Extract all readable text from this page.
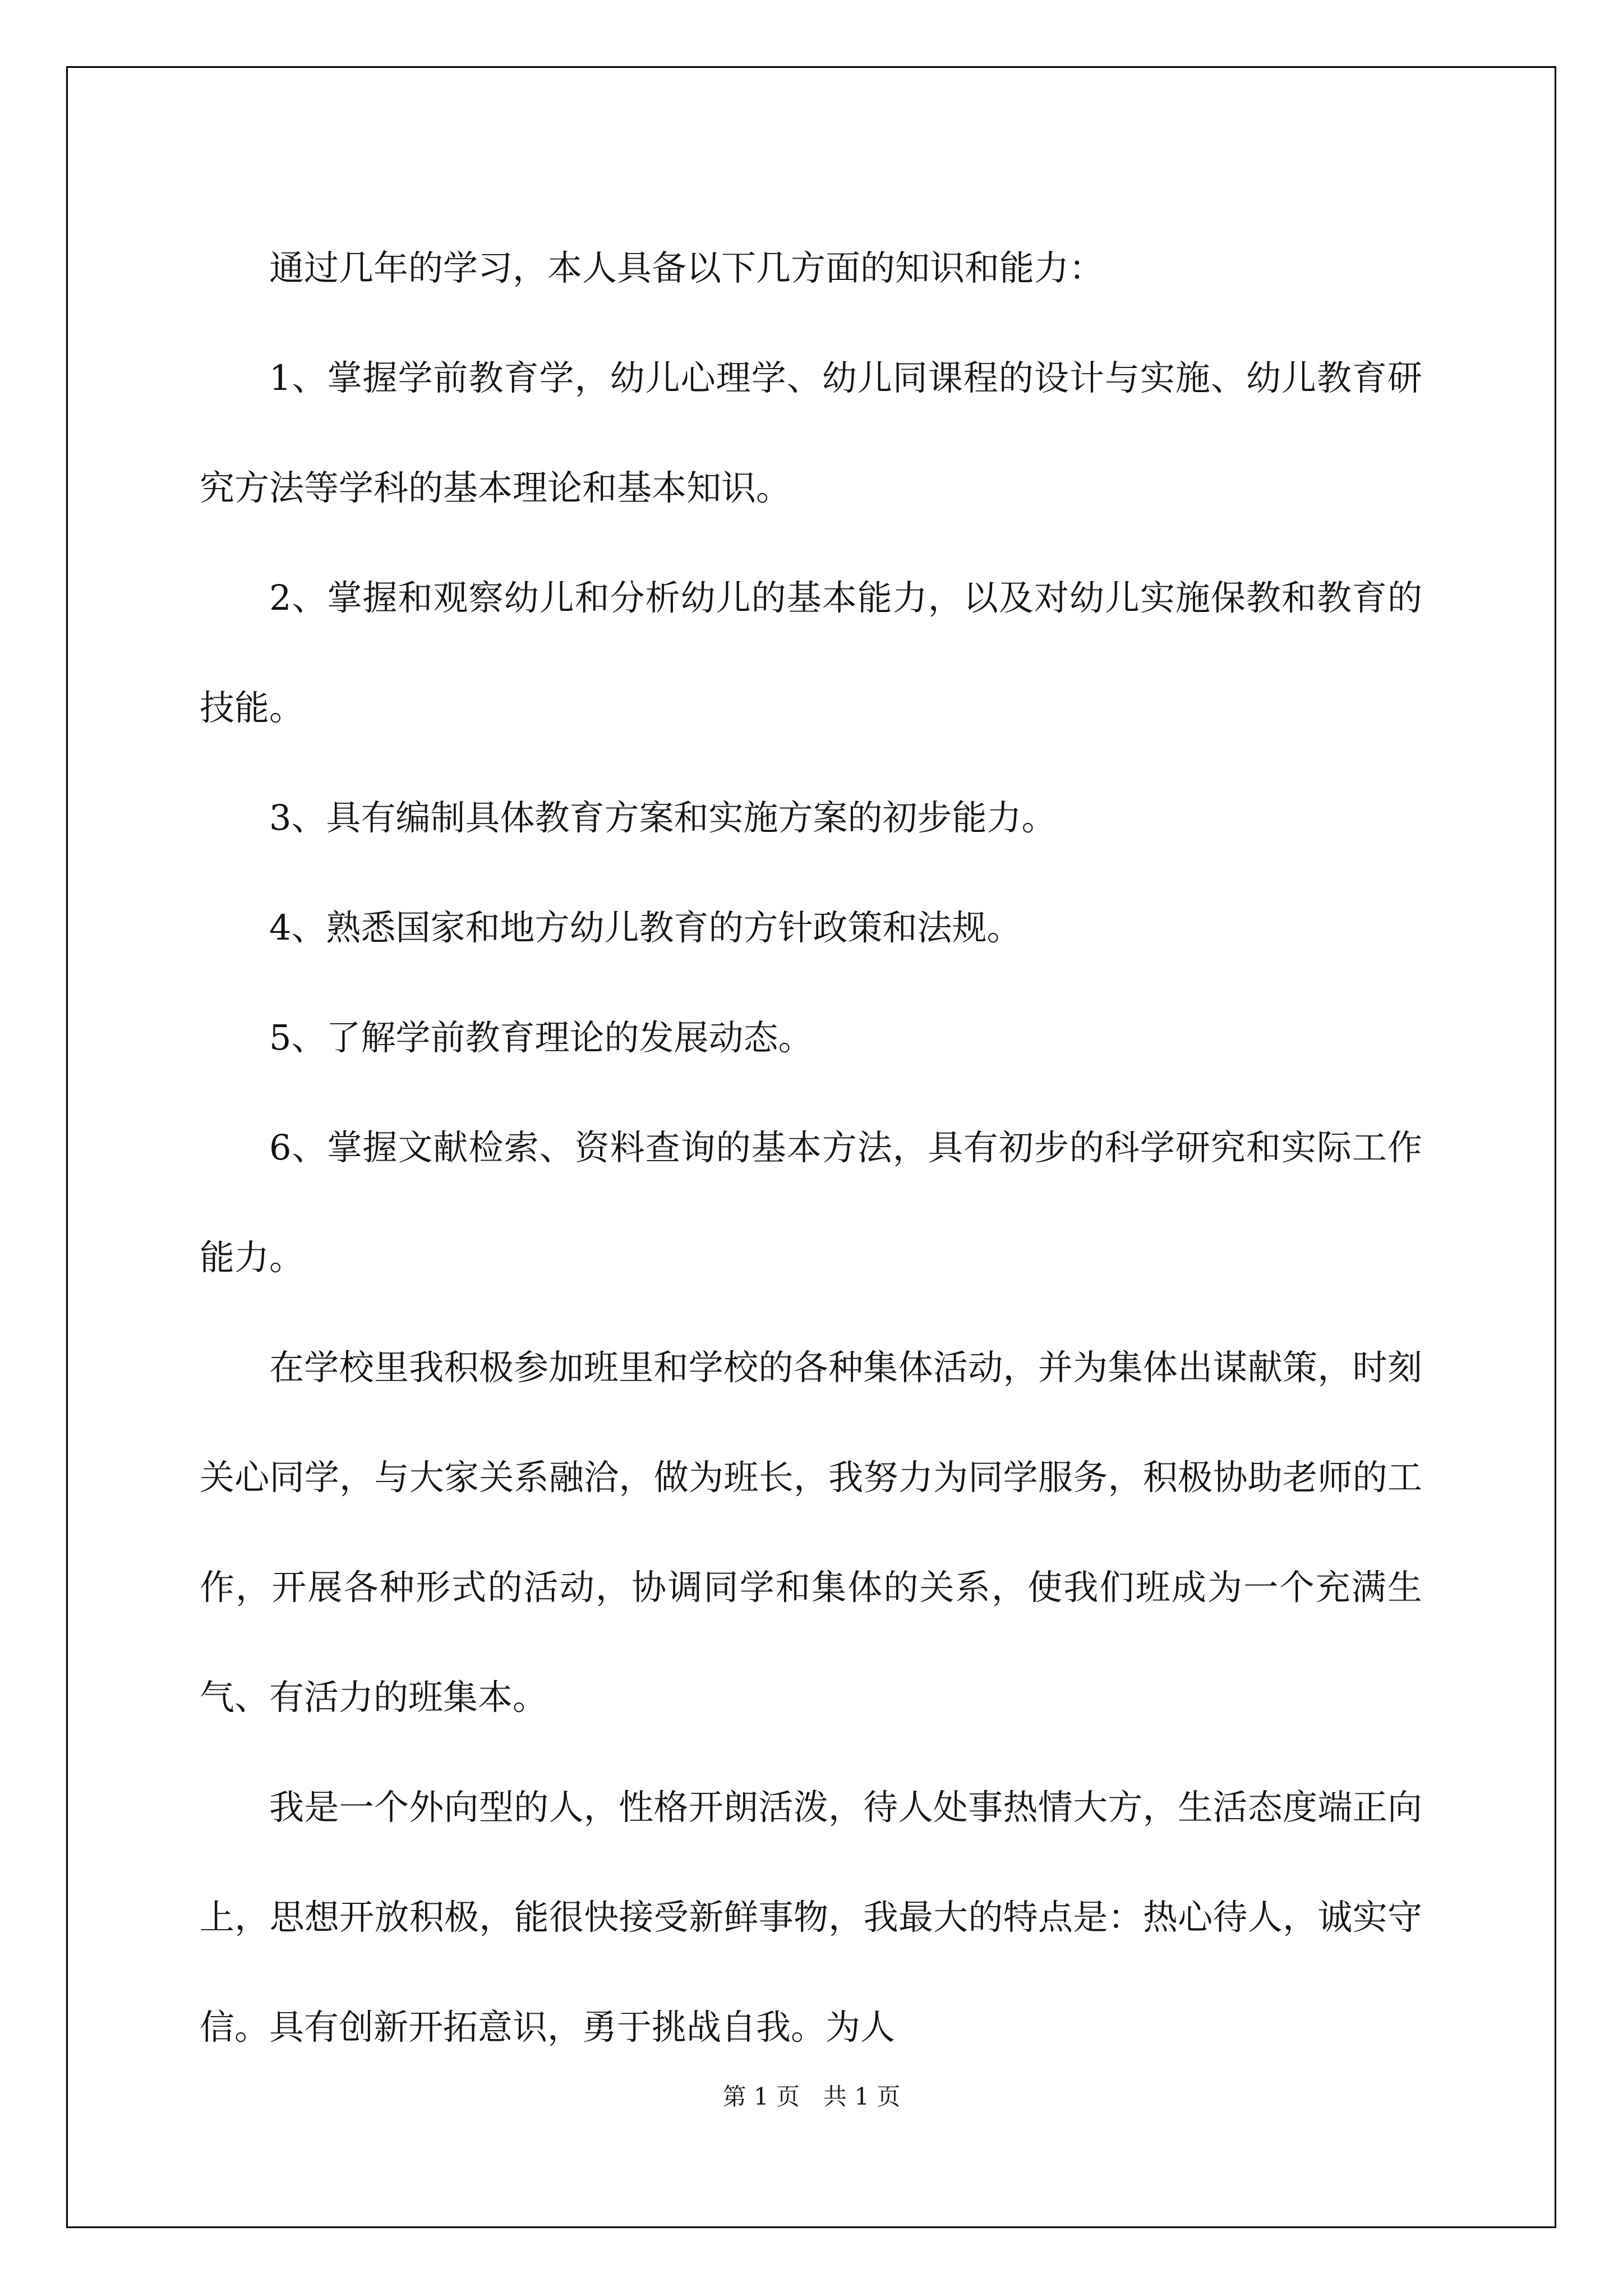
通过几年的学习，本人具备以下几方面的知识和能力：

1、掌握学前教育学，幼儿心理学、幼儿同课程的设计与实施、幼儿教育研究方法等学科的基本理论和基本知识。

2、掌握和观察幼儿和分析幼儿的基本能力，以及对幼儿实施保教和教育的技能。

3、具有编制具体教育方案和实施方案的初步能力。

4、熟悉国家和地方幼儿教育的方针政策和法规。

5、了解学前教育理论的发展动态。

6、掌握文献检索、资料查询的基本方法，具有初步的科学研究和实际工作能力。

在学校里我积极参加班里和学校的各种集体活动，并为集体出谋献策，时刻关心同学，与大家关系融洽，做为班长，我努力为同学服务，积极协助老师的工作，开展各种形式的活动，协调同学和集体的关系，使我们班成为一个充满生气、有活力的班集本。

我是一个外向型的人，性格开朗活泼，待人处事热情大方，生活态度端正向上，思想开放积极，能很快接受新鲜事物，我最大的特点是：热心待人，诚实守信。具有创新开拓意识，勇于挑战自我。为人

第 1 页　共 1 页
